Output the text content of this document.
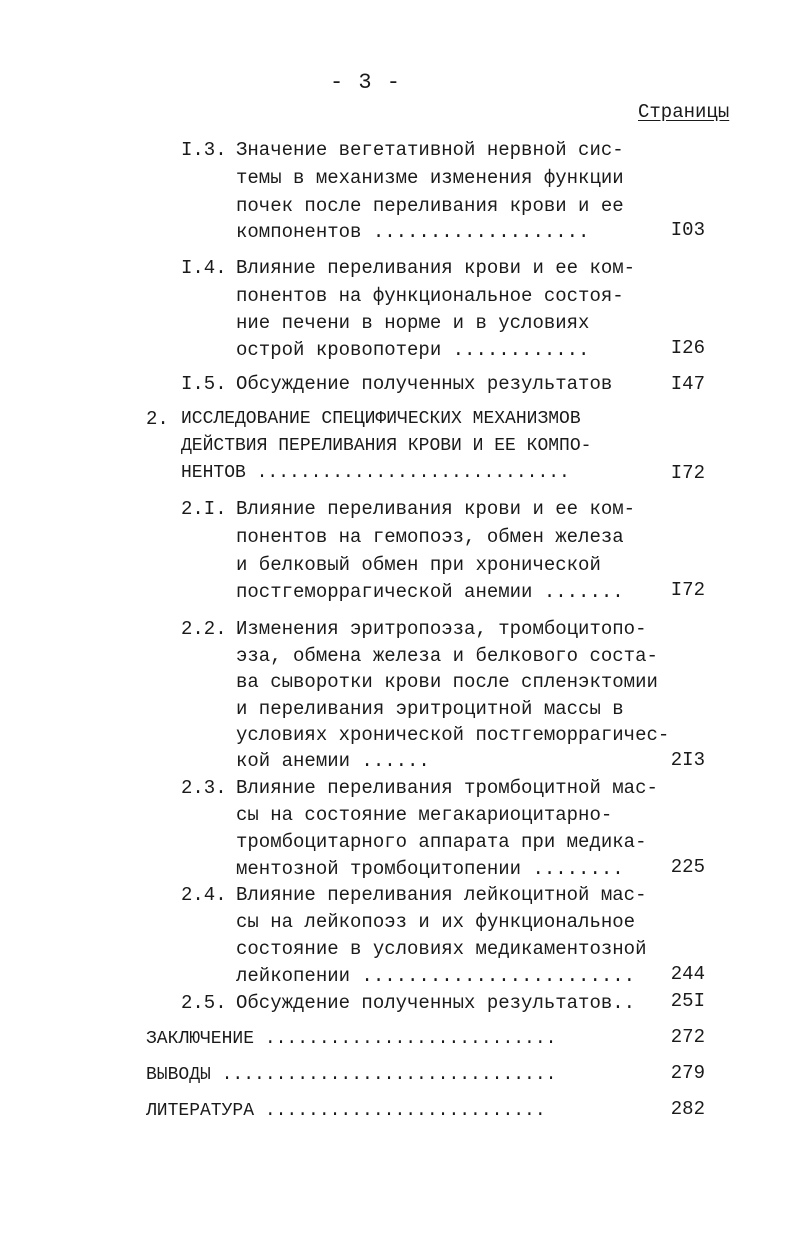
- 3 -
Страницы
I.3. Значение вегетативной нервной сис-
темы в механизме изменения функции
почек после переливания крови и ее
компонентов ...................	I03
I.4. Влияние переливания крови и ее ком-
понентов на функциональное состоя-
ние печени в норме и в условиях
острой кровопотери ............	I26
I.5. Обсуждение полученных результатов	I47
2. ИССЛЕДОВАНИЕ СПЕЦИФИЧЕСКИХ МЕХАНИЗМОВ
ДЕЙСТВИЯ ПЕРЕЛИВАНИЯ КРОВИ И ЕЕ КОМПО-
НЕНТОВ .............................	I72
2.I. Влияние переливания крови и ее ком-
понентов на гемопоэз, обмен железа
и белковый обмен при хронической
постгеморрагической анемии .......	I72
2.2. Изменения эритропоэза, тромбоцитопо-
эза, обмена железа и белкового соста-
ва сыворотки крови после спленэктомии
и переливания эритроцитной массы в
условиях хронической постгеморрагичес-
кой анемии ......	2I3
2.3. Влияние переливания тромбоцитной мас-
сы на состояние мегакариоцитарно-
тромбоцитарного аппарата при медика-
ментозной тромбоцитопении ........	225
2.4. Влияние переливания лейкоцитной мас-
сы на лейкопоэз и их функциональное
состояние в условиях медикаментозной
лейкопении ........................	244
2.5. Обсуждение полученных результатов..	25I
ЗАКЛЮЧЕНИЕ ...........................	272
ВЫВОДЫ ...............................	279
ЛИТЕРАТУРА ..........................	282
